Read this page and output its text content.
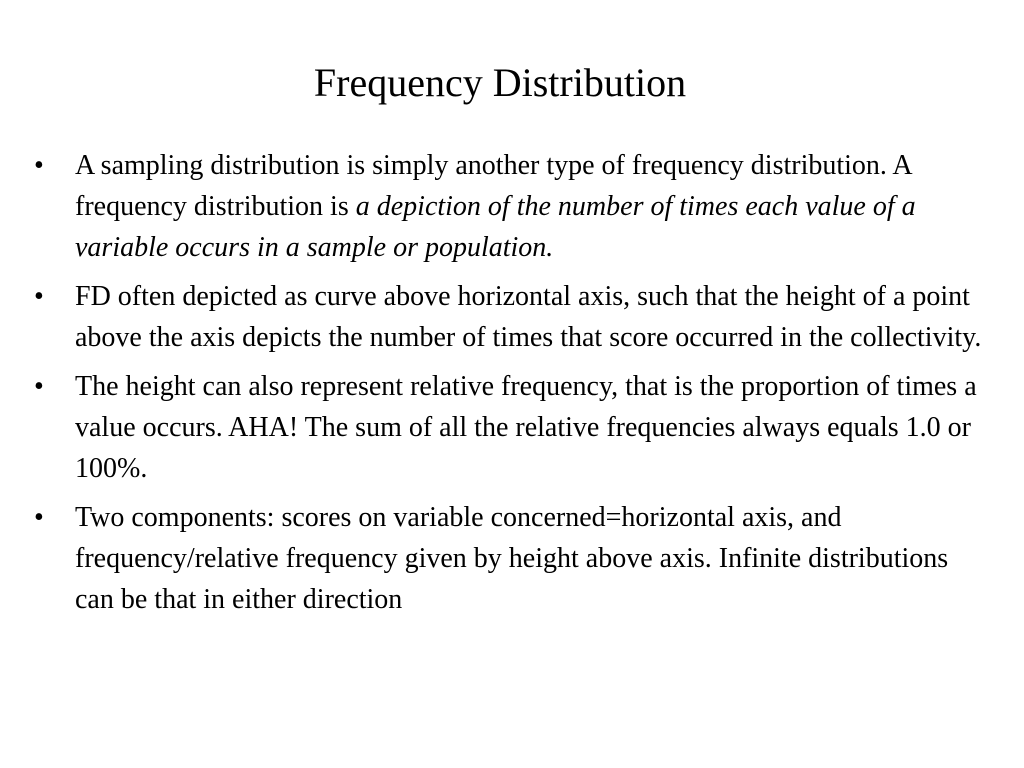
Frequency Distribution
•	A sampling distribution is simply another type of frequency distribution. A frequency distribution is a depiction of the number of times each value of a variable occurs in a sample or population.
•	FD often depicted as curve above horizontal axis, such that the height of a point above the axis depicts the number of times that score occurred in the collectivity.
•	The height can also represent relative frequency, that is the proportion of times a value occurs. AHA! The sum of all the relative frequencies always equals 1.0 or 100%.
•	Two components: scores on variable concerned=horizontal axis, and frequency/relative frequency given by height above axis. Infinite distributions can be that in either direction
